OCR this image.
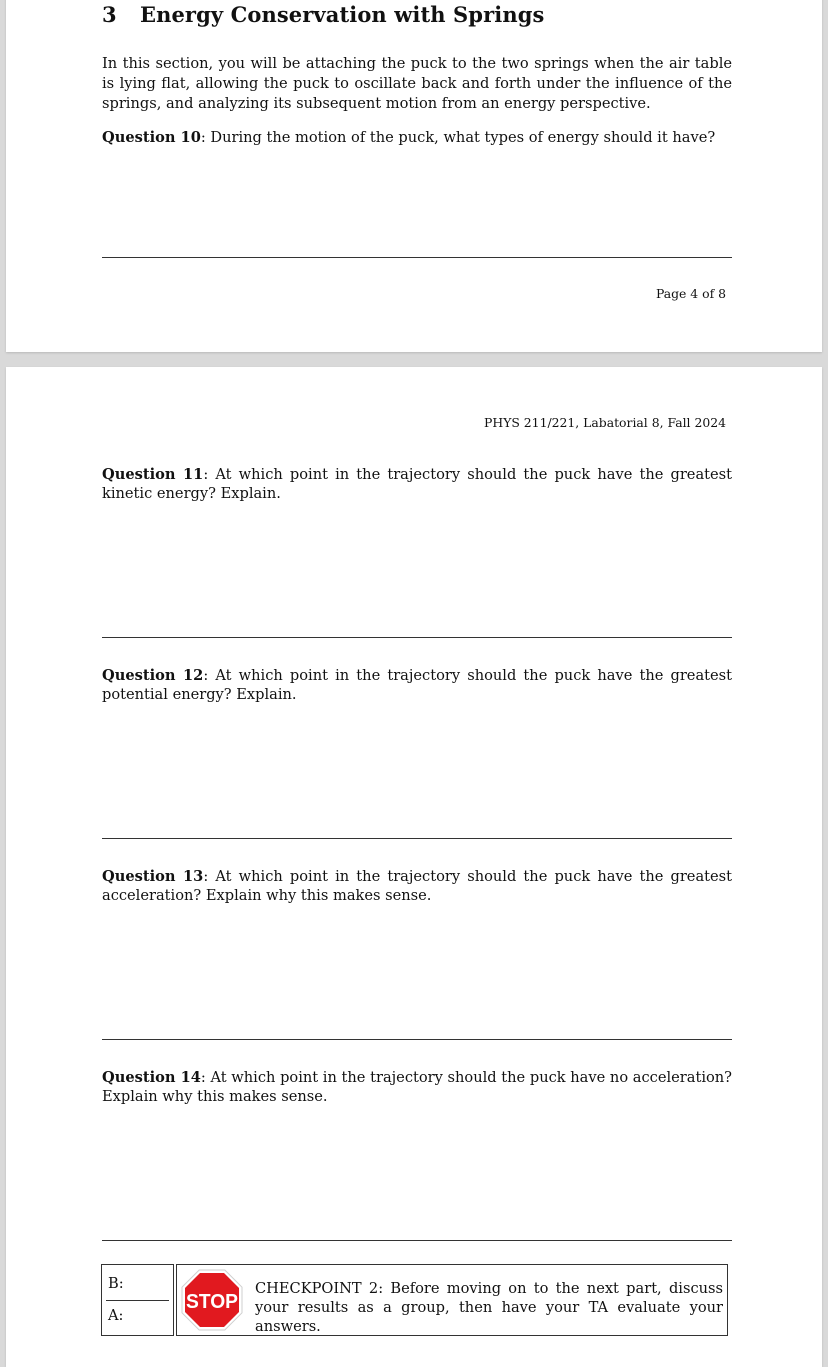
3 Energy Conservation with Springs

In this section, you will be attaching the puck to the two springs when the air table is lying flat, allowing the puck to oscillate back and forth under the influence of the springs, and analyzing its subsequent motion from an energy perspective.

Question 10: During the motion of the puck, what types of energy should it have?

Page 4 of 8
PHYS 211/221, Labatorial 8, Fall 2024

Question 11: At which point in the trajectory should the puck have the greatest kinetic energy? Explain.

Question 12: At which point in the trajectory should the puck have the greatest potential energy? Explain.

Question 13: At which point in the trajectory should the puck have the greatest acceleration? Explain why this makes sense.

Question 14: At which point in the trajectory should the puck have no acceleration? Explain why this makes sense.

B:
A:
STOP
CHECKPOINT 2: Before moving on to the next part, discuss your results as a group, then have your TA evaluate your answers.
